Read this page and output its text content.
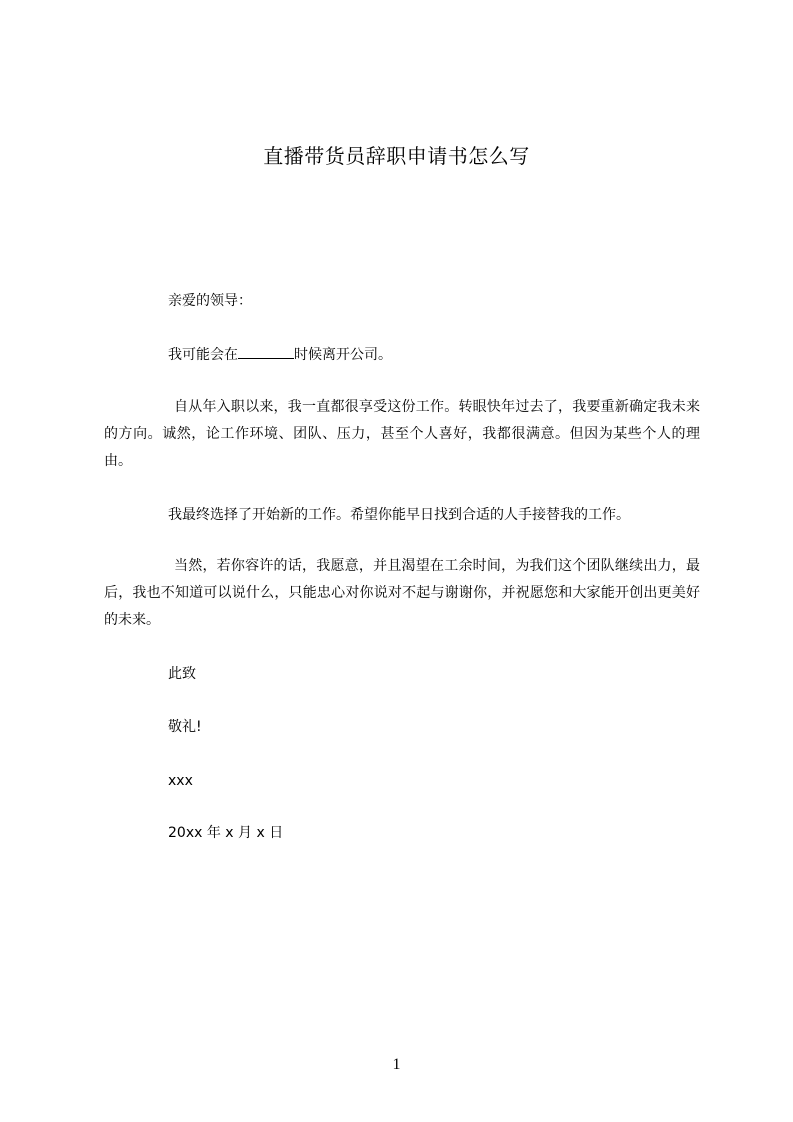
直播带货员辞职申请书怎么写
亲爱的领导：
我可能会在	时候离开公司。
自从年入职以来，我一直都很享受这份工作。转眼快年过去了，我要重新确定我未来的方向。诚然，论工作环境、团队、压力，甚至个人喜好，我都很满意。但因为某些个人的理由。
我最终选择了开始新的工作。希望你能早日找到合适的人手接替我的工作。
当然，若你容许的话，我愿意，并且渴望在工余时间，为我们这个团队继续出力，最后，我也不知道可以说什么，只能忠心对你说对不起与谢谢你，并祝愿您和大家能开创出更美好的未来。
此致
敬礼!
xxx
20xx 年 x 月 x 日
1
